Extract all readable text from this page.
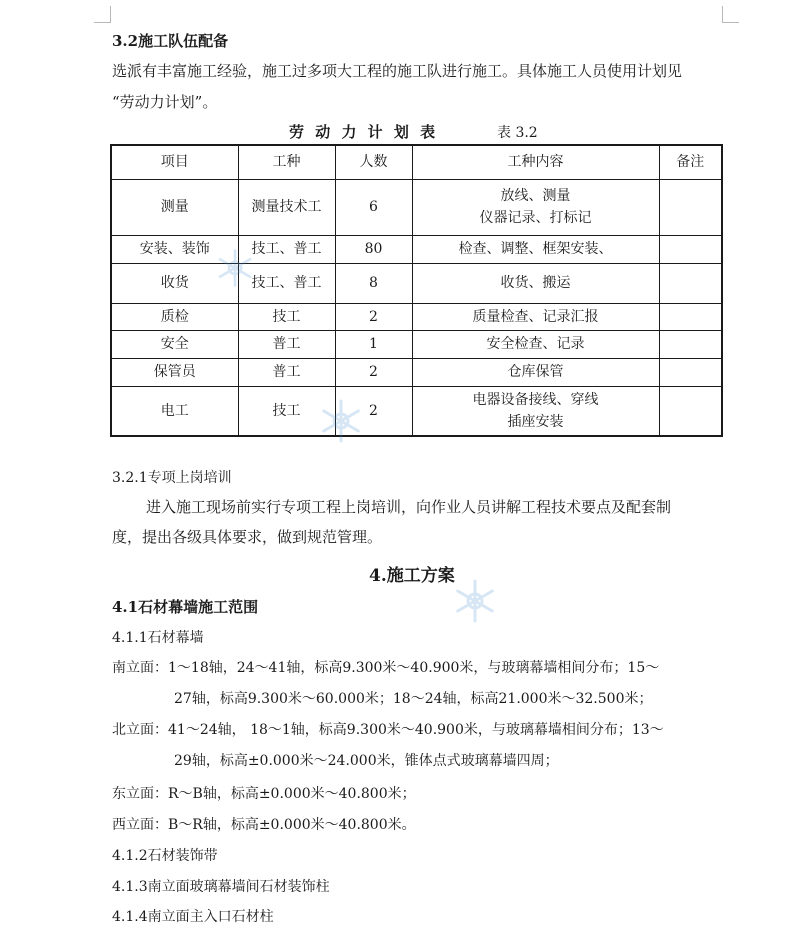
3.2施工队伍配备
选派有丰富施工经验，施工过多项大工程的施工队进行施工。具体施工人员使用计划见
“劳动力计划”。
劳 动 力 计 划 表	表 3.2
项目	工种	人数	工种内容	备注
测量	测量技术工	6	放线、测量
仪器记录、打标记	

安装、装饰	技工、普工	80	检查、调整、框架安装、	
收货	技工、普工	8	收货、搬运	
质检	技工	2	质量检查、记录汇报	
安全	普工	1	安全检查、记录	
保管员	普工	2	仓库保管	
电工	技工	2	电器设备接线、穿线
插座安装	

3.2.1专项上岗培训
进入施工现场前实行专项工程上岗培训，向作业人员讲解工程技术要点及配套制
度，提出各级具体要求，做到规范管理。
4.施工方案
4.1石材幕墙施工范围
4.1.1石材幕墙
南立面：1～18轴，24～41轴，标高9.300米～40.900米，与玻璃幕墙相间分布；15～
27轴，标高9.300米～60.000米；18～24轴，标高21.000米～32.500米；
北立面：41～24轴， 18～1轴，标高9.300米～40.900米，与玻璃幕墙相间分布；13～
29轴，标高±0.000米～24.000米，锥体点式玻璃幕墙四周；
东立面：R～B轴，标高±0.000米～40.800米；
西立面：B～R轴，标高±0.000米～40.800米。
4.1.2石材装饰带
4.1.3南立面玻璃幕墙间石材装饰柱
4.1.4南立面主入口石材柱
